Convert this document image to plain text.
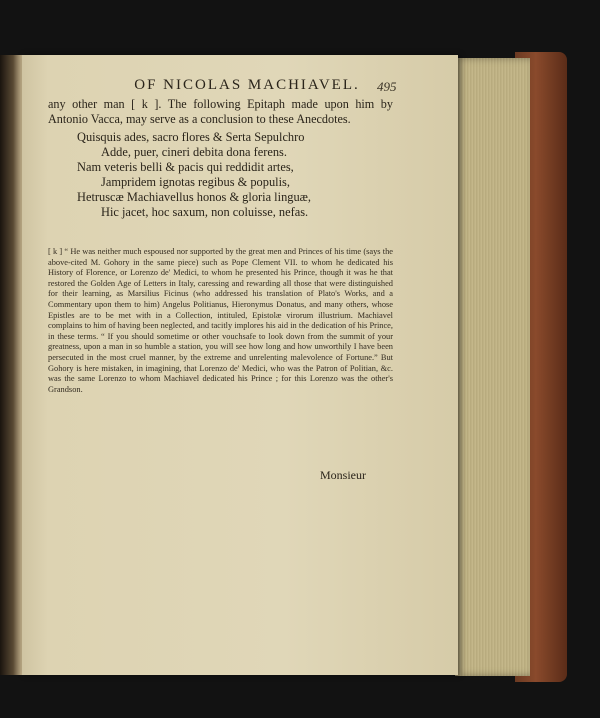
OF NICOLAS MACHIAVEL.	495
any other man [ k ]. The following Epitaph made upon him by Antonio Vacca, may serve as a conclusion to these Anecdotes.
Quisquis ades, sacro flores & Serta Sepulchro
Adde, puer, cineri debita dona ferens.
Nam veteris belli & pacis qui reddidit artes,
Jampridem ignotas regibus & populis,
Hetruscæ Machiavellus honos & gloria linguæ,
Hic jacet, hoc saxum, non coluisse, nefas.
[ k ] “ He was neither much espoused nor supported by the great men and Princes of his time (says the above-cited M. Gohory in the same piece) such as Pope Clement VII. to whom he dedicated his History of Florence, or Lorenzo de' Medici, to whom he presented his Prince, though it was he that restored the Golden Age of Letters in Italy, caressing and rewarding all those that were distinguished for their learning, as Marsilius Ficinus (who addressed his translation of Plato's Works, and a Commentary upon them to him) Angelus Politianus, Hieronymus Donatus, and many others, whose Epistles are to be met with in a Collection, intituled, Epistolæ virorum illustrium. Machiavel complains to him of having been neglected, and tacitly implores his aid in the dedication of his Prince, in these terms. “ If you should sometime or other vouchsafe to look down from the summit of your greatness, upon a man in so humble a station, you will see how long and how unworthily I have been persecuted in the most cruel manner, by the extreme and unrelenting malevolence of Fortune.” But Gohory is here mistaken, in imagining, that Lorenzo de' Medici, who was the Patron of Politian, &c. was the same Lorenzo to whom Machiavel dedicated his Prince ; for this Lorenzo was the other's Grandson.
Monsieur
